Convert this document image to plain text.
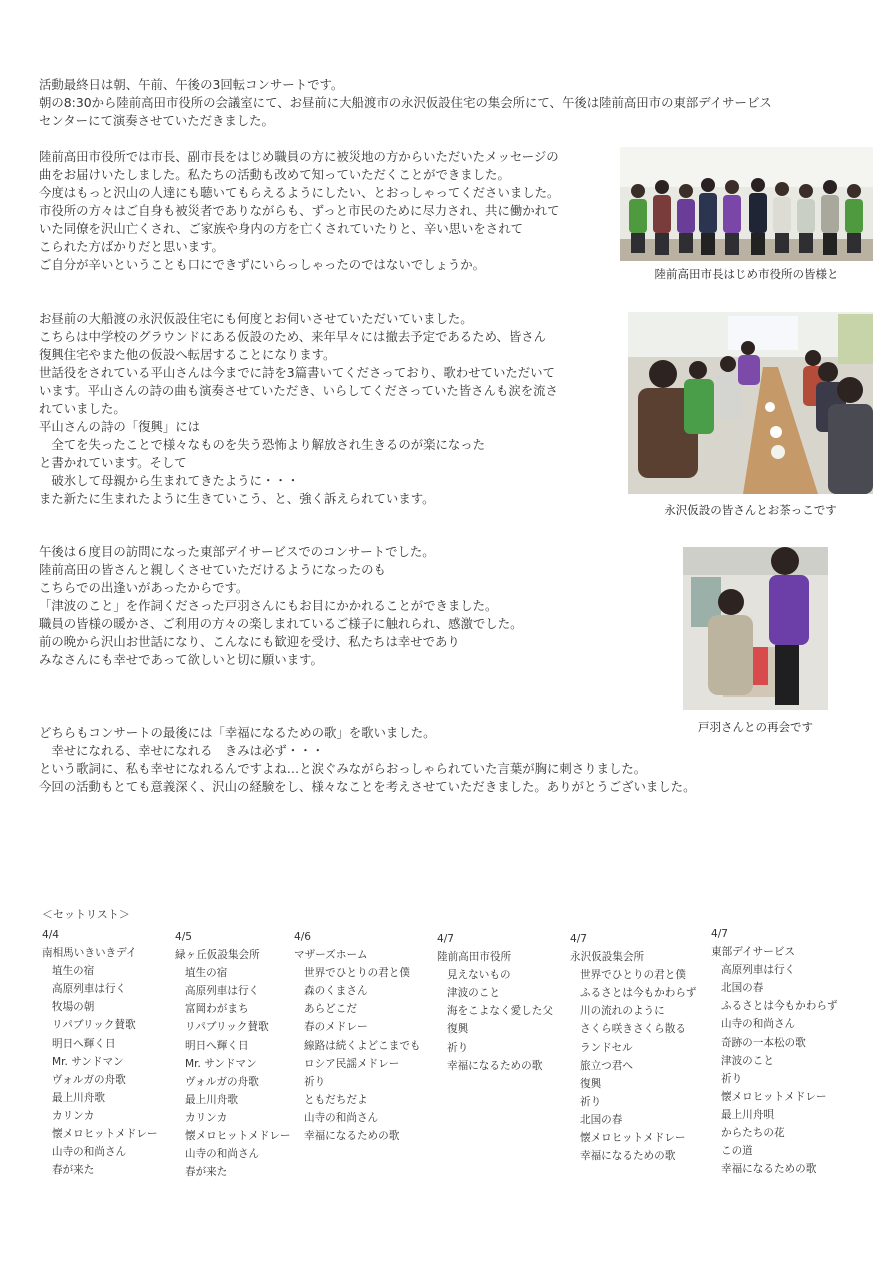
活動最終日は朝、午前、午後の3回転コンサートです。

朝の8:30から陸前高田市役所の会議室にて、お昼前に大船渡市の永沢仮設住宅の集会所にて、午後は陸前高田市の東部デイサービス

センターにて演奏させていただきました。

陸前高田市役所では市長、副市長をはじめ職員の方に被災地の方からいただいたメッセージの

曲をお届けいたしました。私たちの活動も改めて知っていただくことができました。

今度はもっと沢山の人達にも聴いてもらえるようにしたい、とおっしゃってくださいました。

市役所の方々はご自身も被災者でありながらも、ずっと市民のために尽力され、共に働かれて

いた同僚を沢山亡くされ、ご家族や身内の方を亡くされていたりと、辛い思いをされて

こられた方ばかりだと思います。

ご自分が辛いということも口にできずにいらっしゃったのではないでしょうか。

お昼前の大船渡の永沢仮設住宅にも何度とお伺いさせていただいていました。

こちらは中学校のグラウンドにある仮設のため、来年早々には撤去予定であるため、皆さん

復興住宅やまた他の仮設へ転居することになります。

世話役をされている平山さんは今までに詩を3篇書いてくださっており、歌わせていただいて

います。平山さんの詩の曲も演奏させていただき、いらしてくださっていた皆さんも涙を流さ

れていました。

平山さんの詩の「復興」には

　全てを失ったことで様々なものを失う恐怖より解放され生きるのが楽になった

と書かれています。そして

　破氷して母親から生まれてきたように・・・

また新たに生まれたように生きていこう、と、強く訴えられています。

午後は６度目の訪問になった東部デイサービスでのコンサートでした。

陸前高田の皆さんと親しくさせていただけるようになったのも

こちらでの出逢いがあったからです。

「津波のこと」を作詞くださった戸羽さんにもお目にかかれることができました。

職員の皆様の暖かさ、ご利用の方々の楽しまれているご様子に触れられ、感激でした。

前の晩から沢山お世話になり、こんなにも歓迎を受け、私たちは幸せであり

みなさんにも幸せであって欲しいと切に願います。

どちらもコンサートの最後には「幸福になるための歌」を歌いました。

　幸せになれる、幸せになれる　きみは必ず・・・

という歌詞に、私も幸せになれるんですよね…と涙ぐみながらおっしゃられていた言葉が胸に刺さりました。

今回の活動もとても意義深く、沢山の経験をし、様々なことを考えさせていただきました。ありがとうございました。

陸前高田市長はじめ市役所の皆様と
永沢仮設の皆さんとお茶っこです
戸羽さんとの再会です
＜セットリスト＞
4/4
南相馬いきいきデイ
埴生の宿
高原列車は行く
牧場の朝
リパブリック賛歌
明日へ輝く日
Mr. サンドマン
ヴォルガの舟歌
最上川舟歌
カリンカ
懐メロヒットメドレー
山寺の和尚さん
春が来た
4/5
緑ヶ丘仮設集会所
埴生の宿
高原列車は行く
富岡わがまち
リパブリック賛歌
明日へ輝く日
Mr. サンドマン
ヴォルガの舟歌
最上川舟歌
カリンカ
懐メロヒットメドレー
山寺の和尚さん
春が来た
4/6
マザーズホーム
世界でひとりの君と僕
森のくまさん
あらどこだ
春のメドレー
線路は続くよどこまでも
ロシア民謡メドレー
祈り
ともだちだよ
山寺の和尚さん
幸福になるための歌
4/7
陸前高田市役所
見えないもの
津波のこと
海をこよなく愛した父
復興
祈り
幸福になるための歌
4/7
永沢仮設集会所
世界でひとりの君と僕
ふるさとは今もかわらず
川の流れのように
さくら咲きさくら散る
ランドセル
旅立つ君へ
復興
祈り
北国の春
懐メロヒットメドレー
幸福になるための歌
4/7
東部デイサービス
高原列車は行く
北国の春
ふるさとは今もかわらず
山寺の和尚さん
奇跡の一本松の歌
津波のこと
祈り
懐メロヒットメドレー
最上川舟唄
からたちの花
この道
幸福になるための歌
